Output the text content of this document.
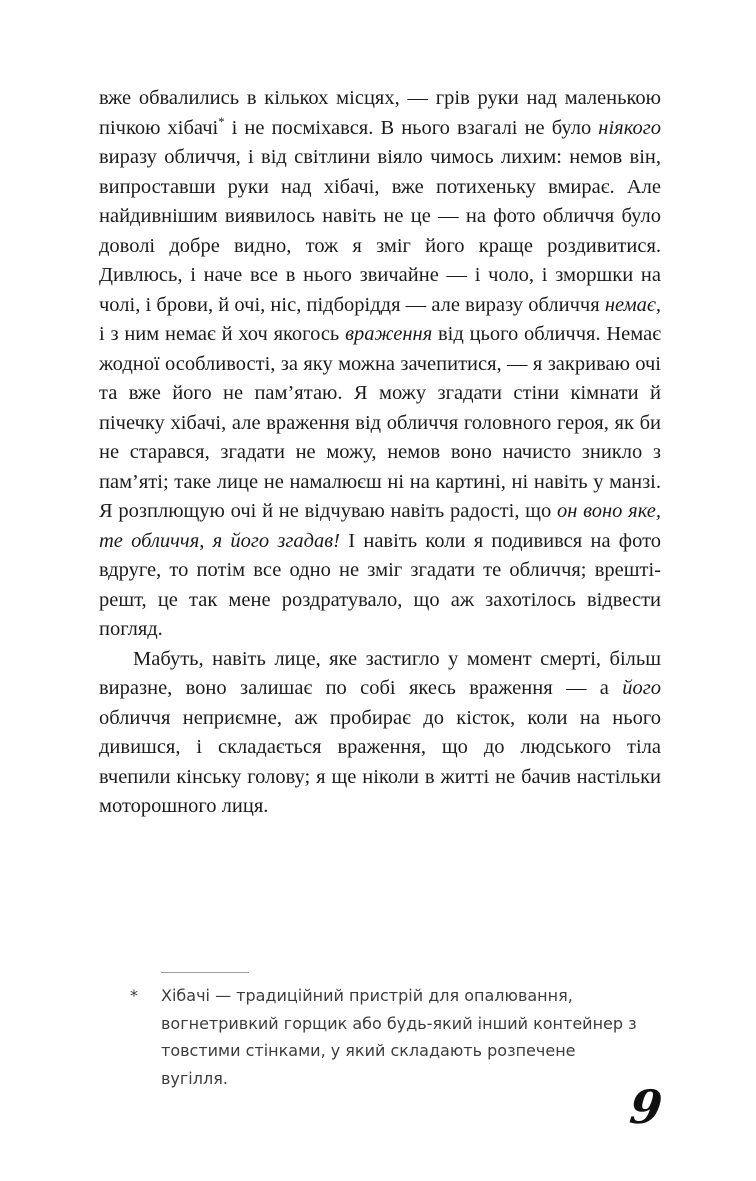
вже обвалились в кількох місцях, — грів руки над маленькою пічкою хібачі* і не посміхався. В нього взагалі не було ніякого виразу обличчя, і від світлини віяло чимось лихим: немов він, випроставши руки над хібачі, вже потихеньку вмирає. Але найдивнішим виявилось навіть не це — на фото обличчя було доволі добре видно, тож я зміг його краще роздивитися. Дивлюсь, і наче все в нього звичайне — і чоло, і зморшки на чолі, і брови, й очі, ніс, підборіддя — але виразу обличчя немає, і з ним немає й хоч якогось враження від цього обличчя. Немає жодної особливості, за яку можна зачепитися, — я закриваю очі та вже його не пам’ятаю. Я можу згадати стіни кімнати й пічечку хібачі, але враження від обличчя головного героя, як би не старався, згадати не можу, немов воно начисто зникло з пам’яті; таке лице не намалюєш ні на картині, ні навіть у манзі. Я розплющую очі й не відчуваю навіть радості, що он воно яке, те обличчя, я його згадав! І навіть коли я подивився на фото вдруге, то потім все одно не зміг згадати те обличчя; врешті-решт, це так мене роздратувало, що аж захотілось відвести погляд.

Мабуть, навіть лице, яке застигло у момент смерті, більш виразне, воно залишає по собі якесь враження — а його обличчя неприємне, аж пробирає до кісток, коли на нього дивишся, і складається враження, що до людського тіла вчепили кінську голову; я ще ніколи в житті не бачив настільки моторошного лиця.

*	Хібачі — традиційний пристрій для опалювання, вогнетривкий горщик або будь-який інший контейнер з товстими стінками, у який складають розпечене вугілля.
9
